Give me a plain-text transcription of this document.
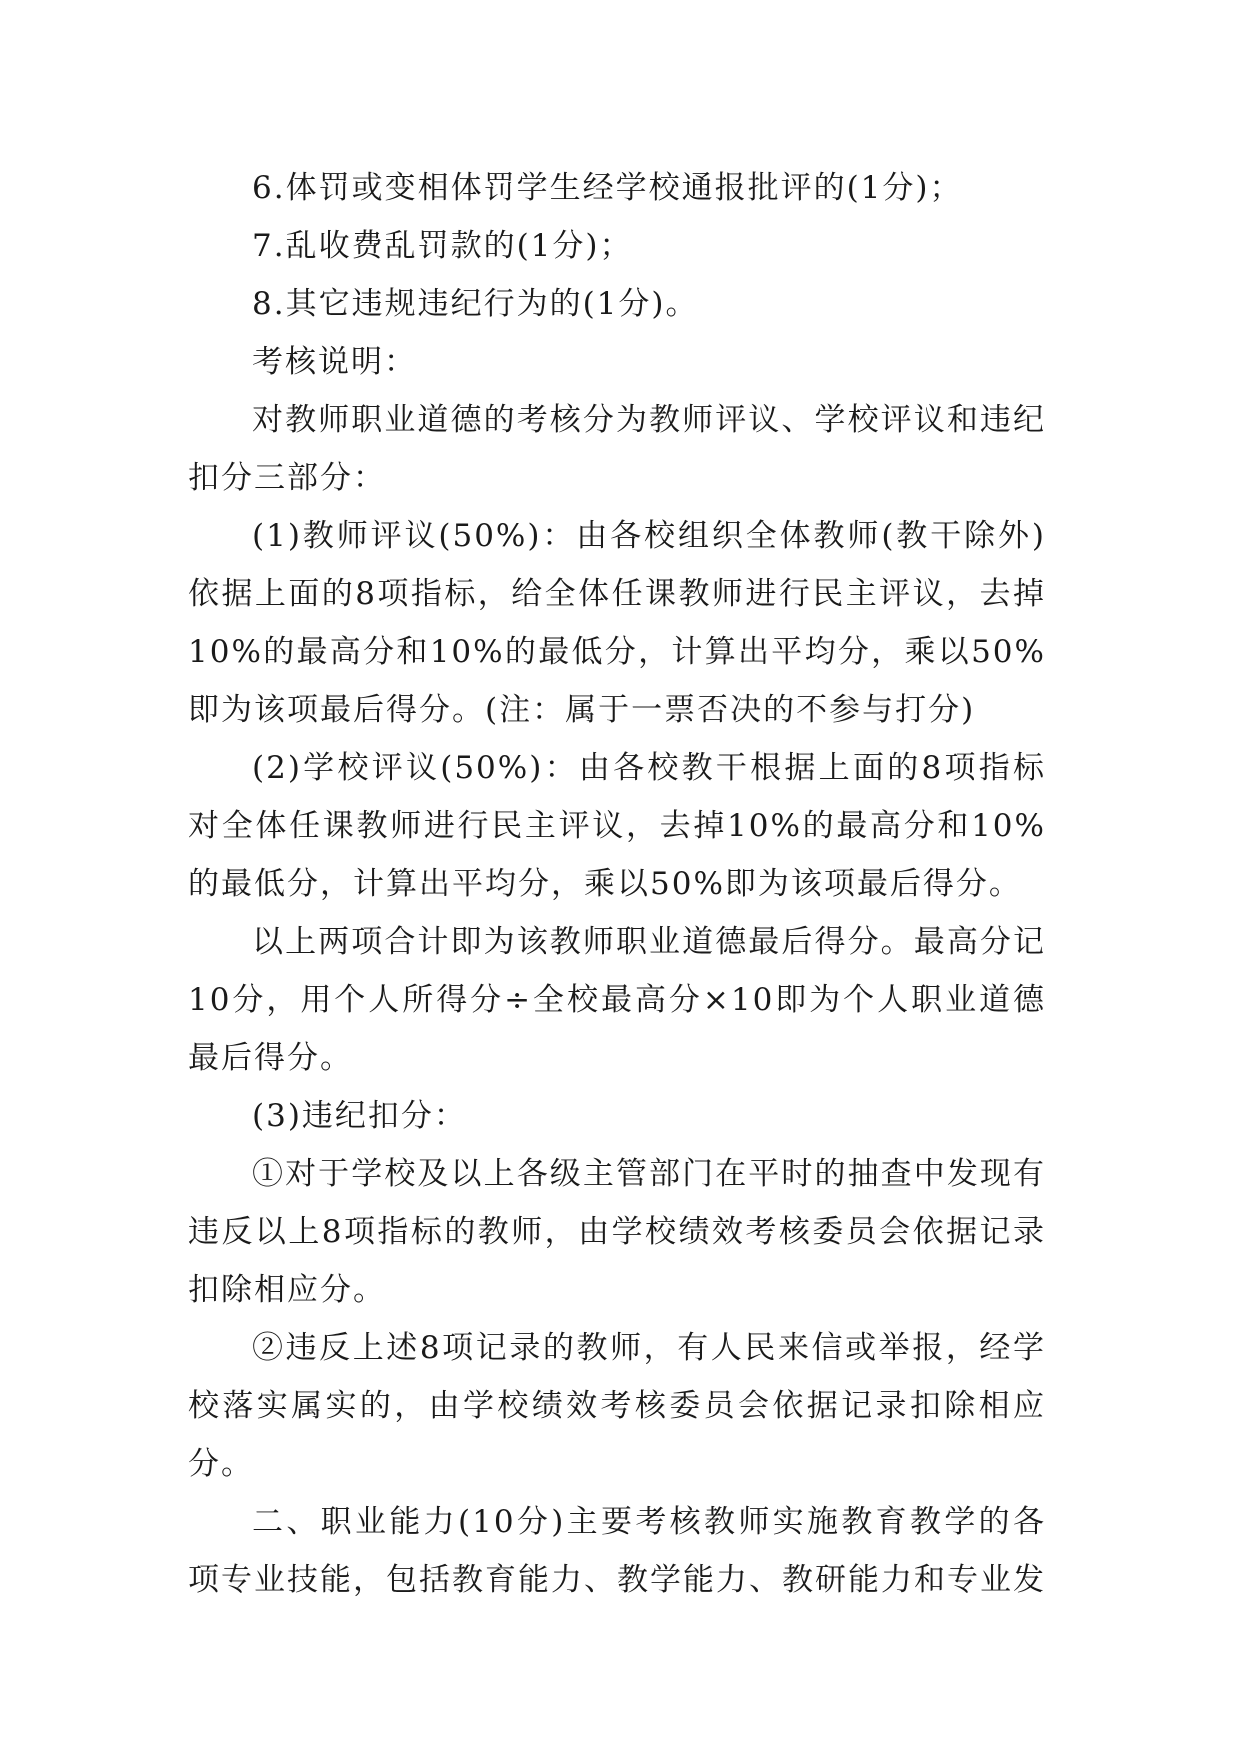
6.体罚或变相体罚学生经学校通报批评的(1分)；

7.乱收费乱罚款的(1分)；

8.其它违规违纪行为的(1分)。

考核说明：

对教师职业道德的考核分为教师评议、学校评议和违纪扣分三部分：

(1)教师评议(50%)：由各校组织全体教师(教干除外)依据上面的8项指标，给全体任课教师进行民主评议，去掉10%的最高分和10%的最低分，计算出平均分，乘以50%即为该项最后得分。(注：属于一票否决的不参与打分)

(2)学校评议(50%)：由各校教干根据上面的8项指标对全体任课教师进行民主评议，去掉10%的最高分和10%的最低分，计算出平均分，乘以50%即为该项最后得分。

以上两项合计即为该教师职业道德最后得分。最高分记10分，用个人所得分÷全校最高分×10即为个人职业道德最后得分。

(3)违纪扣分：

①对于学校及以上各级主管部门在平时的抽查中发现有违反以上8项指标的教师，由学校绩效考核委员会依据记录扣除相应分。

②违反上述8项记录的教师，有人民来信或举报，经学校落实属实的，由学校绩效考核委员会依据记录扣除相应分。

二、职业能力(10分)主要考核教师实施教育教学的各项专业技能，包括教育能力、教学能力、教研能力和专业发
